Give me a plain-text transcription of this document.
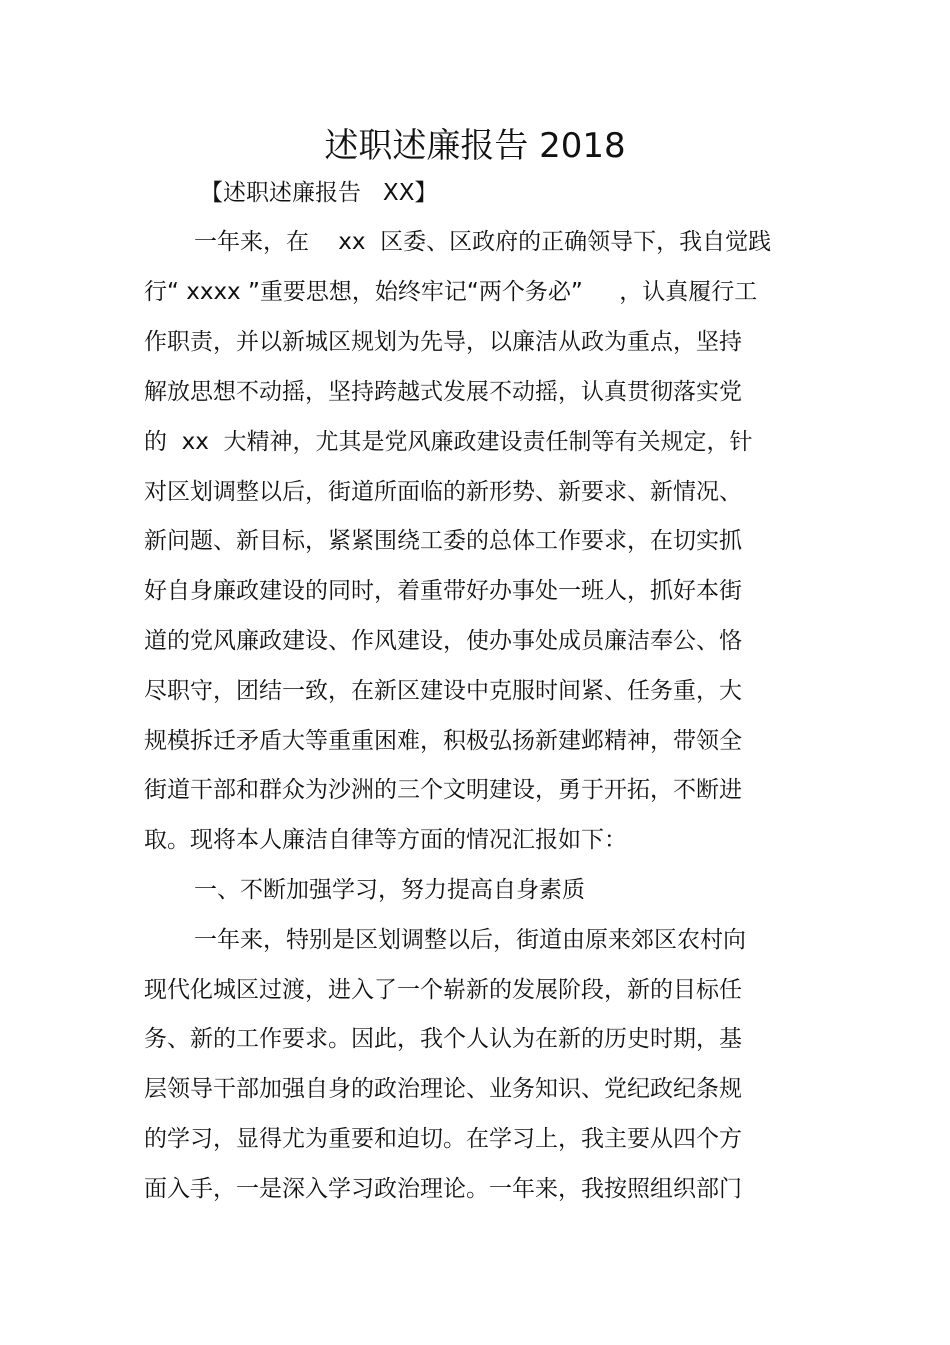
述职述廉报告 2018
【述职述廉报告   XX】
一年来，在    xx  区委、区政府的正确领导下，我自觉践
行“ xxxx ”重要思想，始终牢记“两个务必”     ，认真履行工
作职责，并以新城区规划为先导，以廉洁从政为重点，坚持
解放思想不动摇，坚持跨越式发展不动摇，认真贯彻落实党
的  xx  大精神，尤其是党风廉政建设责任制等有关规定，针
对区划调整以后，街道所面临的新形势、新要求、新情况、
新问题、新目标，紧紧围绕工委的总体工作要求，在切实抓
好自身廉政建设的同时，着重带好办事处一班人，抓好本街
道的党风廉政建设、作风建设，使办事处成员廉洁奉公、恪
尽职守，团结一致，在新区建设中克服时间紧、任务重，大
规模拆迁矛盾大等重重困难，积极弘扬新建邺精神，带领全
街道干部和群众为沙洲的三个文明建设，勇于开拓，不断进
取。现将本人廉洁自律等方面的情况汇报如下：
一、不断加强学习，努力提高自身素质
一年来，特别是区划调整以后，街道由原来郊区农村向
现代化城区过渡，进入了一个崭新的发展阶段，新的目标任
务、新的工作要求。因此，我个人认为在新的历史时期，基
层领导干部加强自身的政治理论、业务知识、党纪政纪条规
的学习，显得尤为重要和迫切。在学习上，我主要从四个方
面入手，一是深入学习政治理论。一年来，我按照组织部门
